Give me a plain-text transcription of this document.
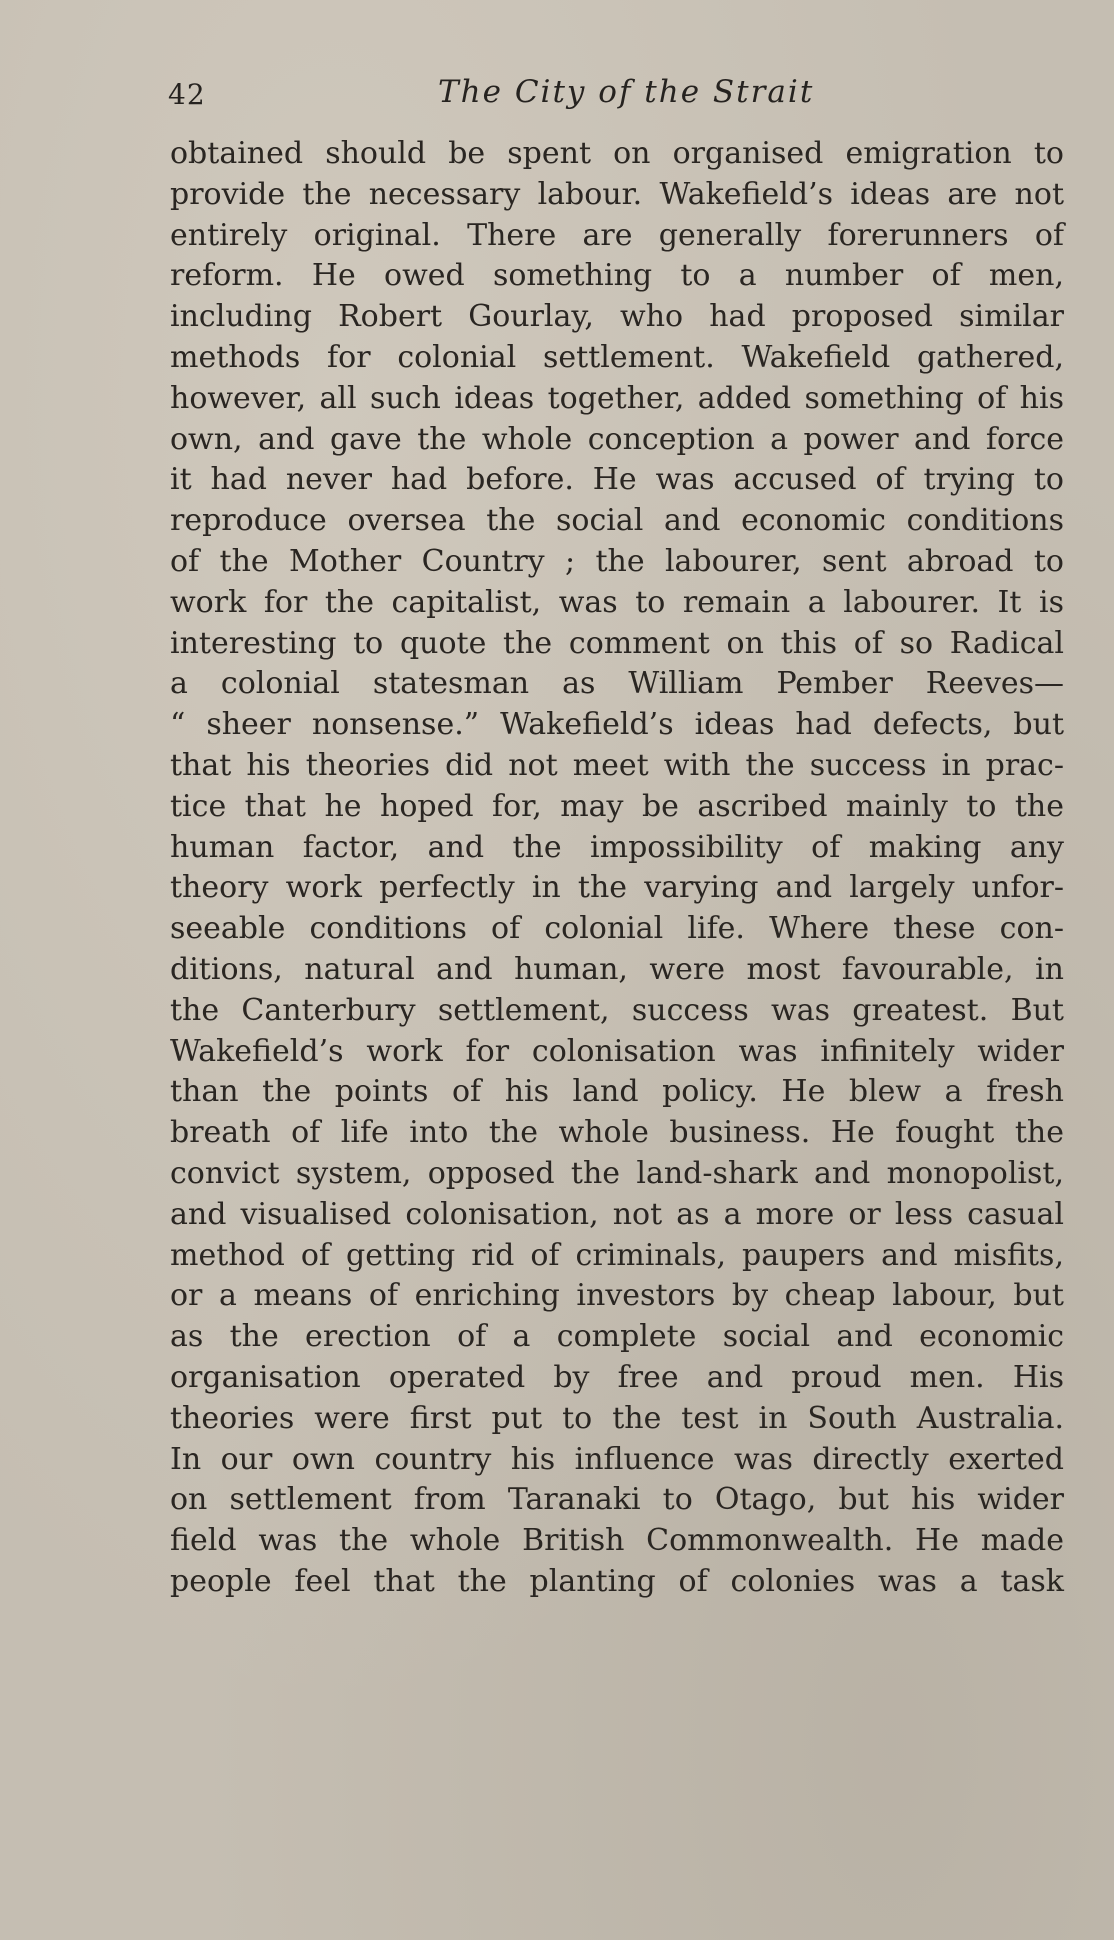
42	The City of the Strait
obtained should be spent on organised emigration to
provide the necessary labour. Wakefield’s ideas are not
entirely original. There are generally forerunners of
reform. He owed something to a number of men,
including Robert Gourlay, who had proposed similar
methods for colonial settlement. Wakefield gathered,
however, all such ideas together, added something of his
own, and gave the whole conception a power and force
it had never had before. He was accused of trying to
reproduce oversea the social and economic conditions
of the Mother Country ; the labourer, sent abroad to
work for the capitalist, was to remain a labourer. It is
interesting to quote the comment on this of so Radical
a colonial statesman as William Pember Reeves—
“ sheer nonsense.” Wakefield’s ideas had defects, but
that his theories did not meet with the success in prac-
tice that he hoped for, may be ascribed mainly to the
human factor, and the impossibility of making any
theory work perfectly in the varying and largely unfor-
seeable conditions of colonial life. Where these con-
ditions, natural and human, were most favourable, in
the Canterbury settlement, success was greatest. But
Wakefield’s work for colonisation was infinitely wider
than the points of his land policy. He blew a fresh
breath of life into the whole business. He fought the
convict system, opposed the land-shark and monopolist,
and visualised colonisation, not as a more or less casual
method of getting rid of criminals, paupers and misfits,
or a means of enriching investors by cheap labour, but
as the erection of a complete social and economic
organisation operated by free and proud men. His
theories were first put to the test in South Australia.
In our own country his influence was directly exerted
on settlement from Taranaki to Otago, but his wider
field was the whole British Commonwealth. He made
people feel that the planting of colonies was a task
